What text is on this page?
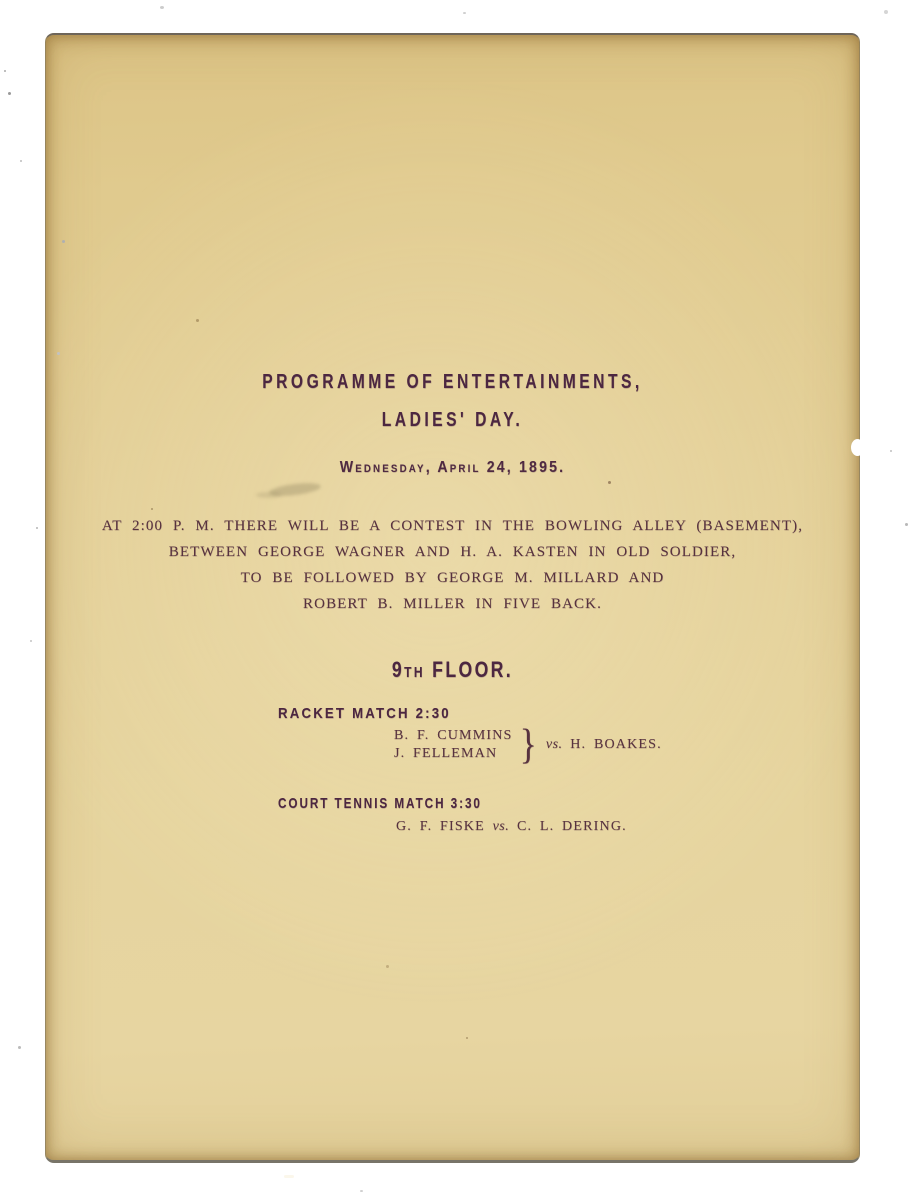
PROGRAMME OF ENTERTAINMENTS,
LADIES' DAY.
Wednesday, April 24, 1895.
AT 2:00 P. M. THERE WILL BE A CONTEST IN THE BOWLING ALLEY (BASEMENT),
BETWEEN GEORGE WAGNER AND H. A. KASTEN IN OLD SOLDIER,
TO BE FOLLOWED BY GEORGE M. MILLARD AND
ROBERT B. MILLER IN FIVE BACK.
9th FLOOR.
RACKET MATCH 2:30
B. F. CUMMINS
J. FELLEMAN } vs. H. BOAKES.
COURT TENNIS MATCH 3:30
G. F. FISKE vs. C. L. DERING.
